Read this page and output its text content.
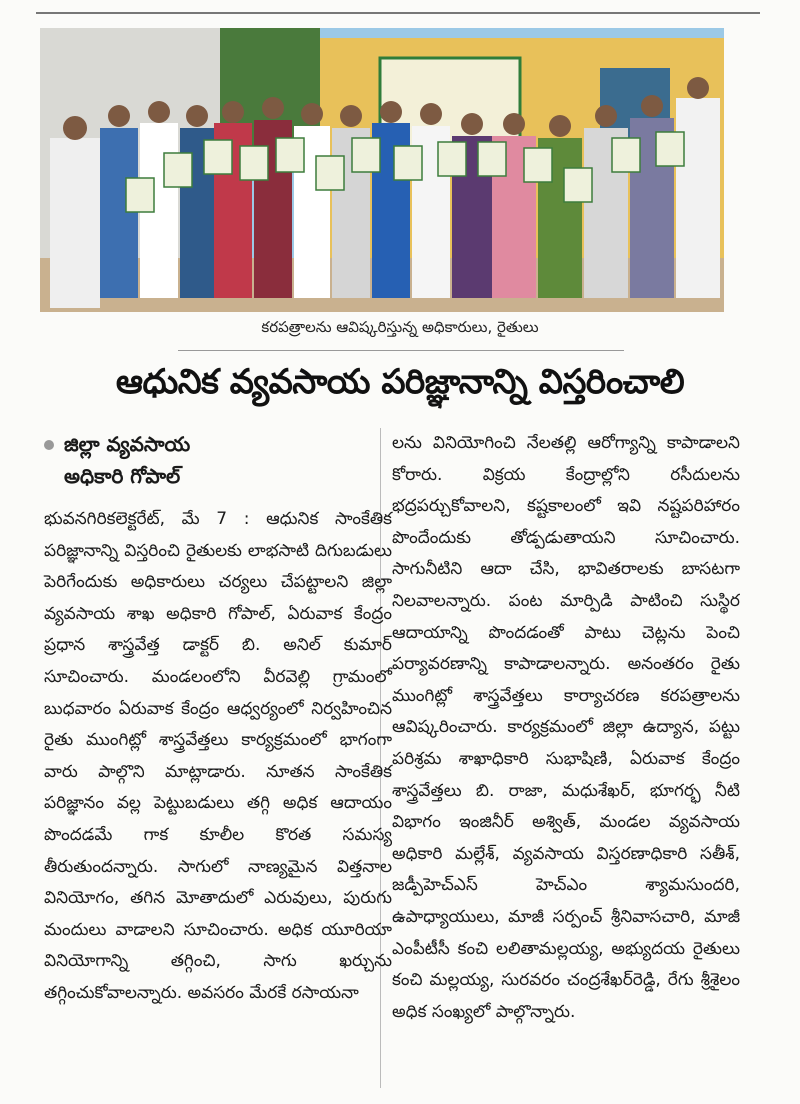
కరపత్రాలను ఆవిష్కరిస్తున్న అధికారులు, రైతులు
ఆధునిక వ్యవసాయ పరిజ్ఞానాన్ని విస్తరించాలి
జిల్లా వ్యవసాయ
అధికారి గోపాల్

భువనగిరికలెక్టరేట్‌, మే 7 : ఆధునిక సాంకేతిక పరిజ్ఞానాన్ని విస్తరించి రైతులకు లాభసాటి దిగుబడులు పెరిగేందుకు అధికారులు చర్యలు చేపట్టాలని జిల్లా వ్యవసాయ శాఖ అధికారి గోపాల్‌, ఏరువాక కేంద్రం ప్రధాన శాస్త్రవేత్త డాక్టర్‌ బి. అనిల్‌ కుమార్‌ సూచించారు. మండలంలోని వీరవెల్లి గ్రామంలో బుధవారం ఏరువాక కేంద్రం ఆధ్వర్యంలో నిర్వహించిన రైతు ముంగిట్లో శాస్త్రవేత్తలు కార్యక్రమంలో భాగంగా వారు పాల్గొని మాట్లాడారు. నూతన సాంకేతిక పరిజ్ఞానం వల్ల పెట్టుబడులు తగ్గి అధిక ఆదాయం పొందడమే గాక కూలీల కొరత సమస్య తీరుతుందన్నారు. సాగులో నాణ్యమైన విత్తనాల వినియోగం, తగిన మోతాదులో ఎరువులు, పురుగు మందులు వాడాలని సూచించారు. అధిక యూరియా వినియోగాన్ని తగ్గించి, సాగు ఖర్చును తగ్గించుకోవాలన్నారు. అవసరం మేరకే రసాయనా

లను వినియోగించి నేలతల్లి ఆరోగ్యాన్ని కాపాడాలని కోరారు. విక్రయ కేంద్రాల్లోని రసీదులను భద్రపర్చుకోవాలని, కష్టకాలంలో ఇవి నష్టపరిహారం పొందేందుకు తోడ్పడుతాయని సూచించారు. సాగునీటిని ఆదా చేసి, భావితరాలకు బాసటగా నిలవాలన్నారు. పంట మార్పిడి పాటించి సుస్థిర ఆదాయాన్ని పొందడంతో పాటు చెట్లను పెంచి పర్యావరణాన్ని కాపాడాలన్నారు. అనంతరం రైతు ముంగిట్లో శాస్త్రవేత్తలు కార్యాచరణ కరపత్రాలను ఆవిష్కరించారు. కార్యక్రమంలో జిల్లా ఉద్యాన, పట్టు పరిశ్రమ శాఖాధికారి సుభాషిణి, ఏరువాక కేంద్రం శాస్త్రవేత్తలు బి. రాజా, మధుశేఖర్‌, భూగర్భ నీటి విభాగం ఇంజినీర్‌ అశ్విత్‌, మండల వ్యవసాయ అధికారి మల్లేశ్‌, వ్యవసాయ విస్తరణాధికారి సతీశ్‌, జడ్పీహెచ్‌ఎస్‌ హెచ్‌ఎం శ్యామసుందరి, ఉపాధ్యాయులు, మాజీ సర్పంచ్‌ శ్రీనివాసచారి, మాజీ ఎంపీటీసీ కంచి లలితామల్లయ్య, అభ్యుదయ రైతులు కంచి మల్లయ్య, సురవరం చంద్రశేఖర్‌రెడ్డి, రేగు శ్రీశైలం అధిక సంఖ్యలో పాల్గొన్నారు.
